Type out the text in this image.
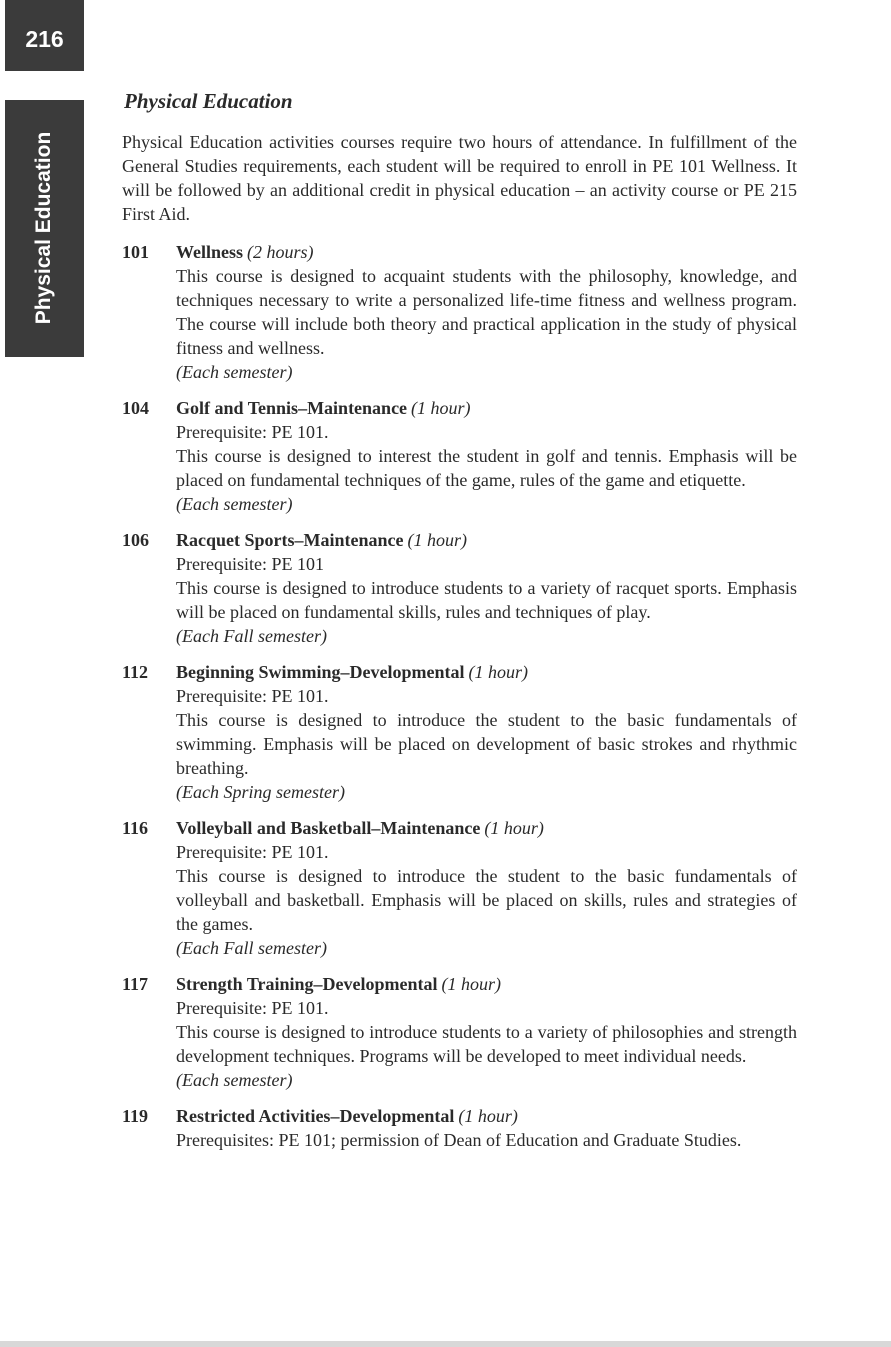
216
Physical Education
Physical Education

Physical Education activities courses require two hours of attendance. In fulfillment of the General Studies requirements, each student will be required to enroll in PE 101 Wellness. It will be followed by an additional credit in physical education – an activity course or PE 215 First Aid.

101	Wellness (2 hours)

This course is designed to acquaint students with the philosophy, knowledge, and techniques necessary to write a personalized life-time fitness and wellness program. The course will include both theory and practical application in the study of physical fitness and wellness.

(Each semester)

104	Golf and Tennis–Maintenance (1 hour)

Prerequisite: PE 101.

This course is designed to interest the student in golf and tennis. Emphasis will be placed on fundamental techniques of the game, rules of the game and etiquette.

(Each semester)

106	Racquet Sports–Maintenance (1 hour)

Prerequisite: PE 101

This course is designed to introduce students to a variety of racquet sports. Emphasis will be placed on fundamental skills, rules and techniques of play.

(Each Fall semester)

112	Beginning Swimming–Developmental (1 hour)

Prerequisite: PE 101.

This course is designed to introduce the student to the basic fundamentals of swimming. Emphasis will be placed on development of basic strokes and rhythmic breathing.

(Each Spring semester)

116	Volleyball and Basketball–Maintenance (1 hour)

Prerequisite: PE 101.

This course is designed to introduce the student to the basic fundamentals of volleyball and basketball. Emphasis will be placed on skills, rules and strategies of the games.

(Each Fall semester)

117	Strength Training–Developmental (1 hour)

Prerequisite: PE 101.

This course is designed to introduce students to a variety of philosophies and strength development techniques. Programs will be developed to meet individual needs.

(Each semester)

119	Restricted Activities–Developmental (1 hour)

Prerequisites: PE 101; permission of Dean of Education and Graduate Studies.
